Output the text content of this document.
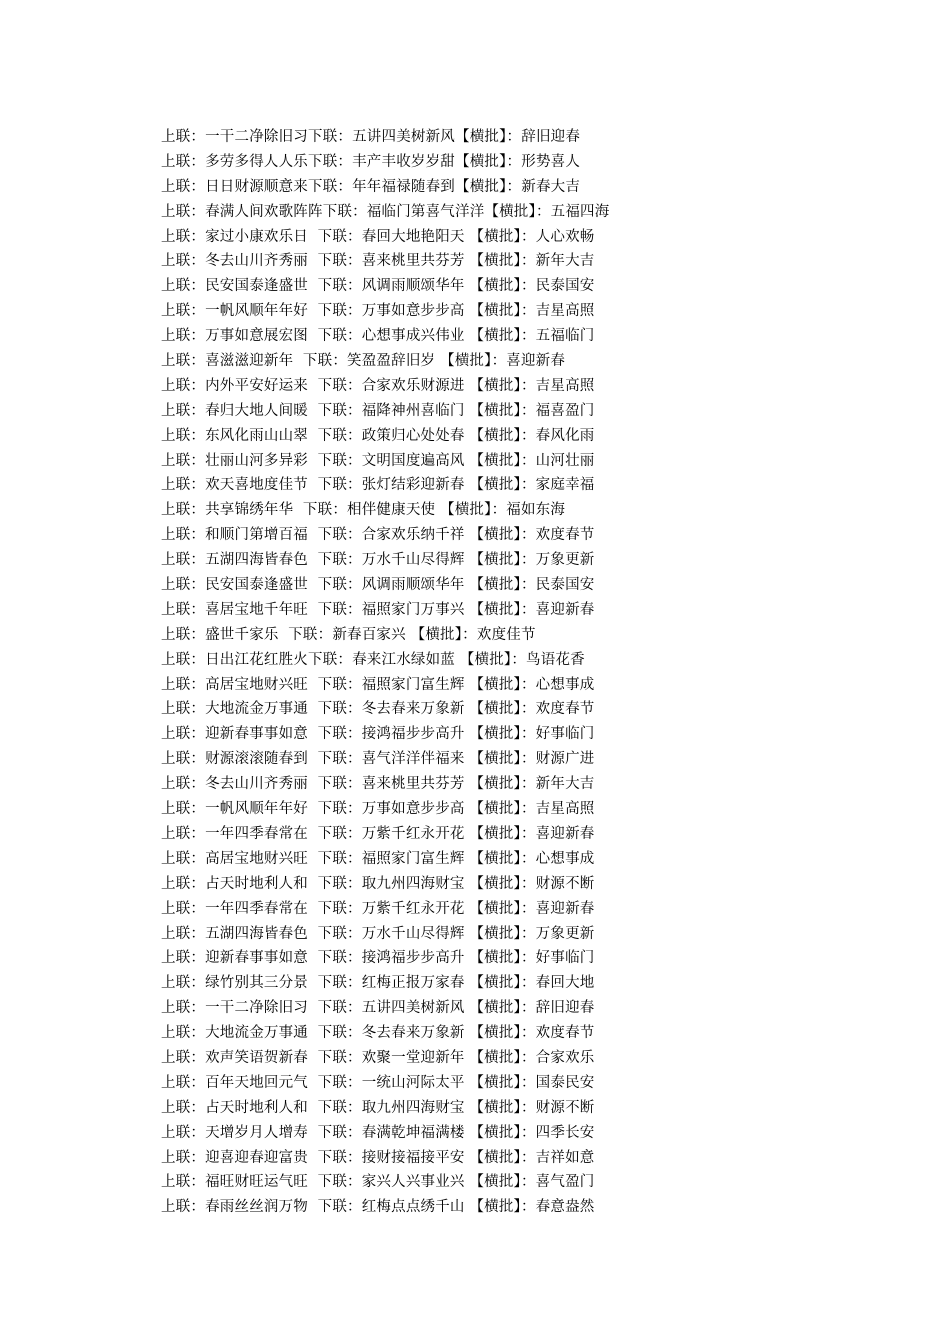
上联：一干二净除旧习下联：五讲四美树新风【横批】：辞旧迎春
上联：多劳多得人人乐下联：丰产丰收岁岁甜【横批】：形势喜人
上联：日日财源顺意来下联：年年福禄随春到【横批】：新春大吉
上联：春满人间欢歌阵阵下联：福临门第喜气洋洋【横批】：五福四海
上联：家过小康欢乐日  下联：春回大地艳阳天 【横批】：人心欢畅
上联：冬去山川齐秀丽  下联：喜来桃里共芬芳 【横批】：新年大吉
上联：民安国泰逢盛世  下联：风调雨顺颂华年 【横批】：民泰国安
上联：一帆风顺年年好  下联：万事如意步步高 【横批】：吉星高照
上联：万事如意展宏图  下联：心想事成兴伟业 【横批】：五福临门
上联：喜滋滋迎新年  下联：笑盈盈辞旧岁 【横批】：喜迎新春
上联：内外平安好运来  下联：合家欢乐财源进 【横批】：吉星高照
上联：春归大地人间暖  下联：福降神州喜临门 【横批】：福喜盈门
上联：东风化雨山山翠  下联：政策归心处处春 【横批】：春风化雨
上联：壮丽山河多异彩  下联：文明国度遍高风 【横批】：山河壮丽
上联：欢天喜地度佳节  下联：张灯结彩迎新春 【横批】：家庭幸福
上联：共享锦绣年华  下联：相伴健康天使 【横批】：福如东海
上联：和顺门第增百福  下联：合家欢乐纳千祥 【横批】：欢度春节
上联：五湖四海皆春色  下联：万水千山尽得辉 【横批】：万象更新
上联：民安国泰逢盛世  下联：风调雨顺颂华年 【横批】：民泰国安
上联：喜居宝地千年旺  下联：福照家门万事兴 【横批】：喜迎新春
上联：盛世千家乐  下联：新春百家兴 【横批】：欢度佳节
上联：日出江花红胜火下联：春来江水绿如蓝 【横批】：鸟语花香
上联：高居宝地财兴旺  下联：福照家门富生辉 【横批】：心想事成
上联：大地流金万事通  下联：冬去春来万象新 【横批】：欢度春节
上联：迎新春事事如意  下联：接鸿福步步高升 【横批】：好事临门
上联：财源滚滚随春到  下联：喜气洋洋伴福来 【横批】：财源广进
上联：冬去山川齐秀丽  下联：喜来桃里共芬芳 【横批】：新年大吉
上联：一帆风顺年年好  下联：万事如意步步高 【横批】：吉星高照
上联：一年四季春常在  下联：万紫千红永开花 【横批】：喜迎新春
上联：高居宝地财兴旺  下联：福照家门富生辉 【横批】：心想事成
上联：占天时地利人和  下联：取九州四海财宝 【横批】：财源不断
上联：一年四季春常在  下联：万紫千红永开花 【横批】：喜迎新春
上联：五湖四海皆春色  下联：万水千山尽得辉 【横批】：万象更新
上联：迎新春事事如意  下联：接鸿福步步高升 【横批】：好事临门
上联：绿竹别其三分景  下联：红梅正报万家春 【横批】：春回大地
上联：一干二净除旧习  下联：五讲四美树新风 【横批】：辞旧迎春
上联：大地流金万事通  下联：冬去春来万象新 【横批】：欢度春节
上联：欢声笑语贺新春  下联：欢聚一堂迎新年 【横批】：合家欢乐
上联：百年天地回元气  下联：一统山河际太平 【横批】：国泰民安
上联：占天时地利人和  下联：取九州四海财宝 【横批】：财源不断
上联：天增岁月人增寿  下联：春满乾坤福满楼 【横批】：四季长安
上联：迎喜迎春迎富贵  下联：接财接福接平安 【横批】：吉祥如意
上联：福旺财旺运气旺  下联：家兴人兴事业兴 【横批】：喜气盈门
上联：春雨丝丝润万物  下联：红梅点点绣千山 【横批】：春意盎然
